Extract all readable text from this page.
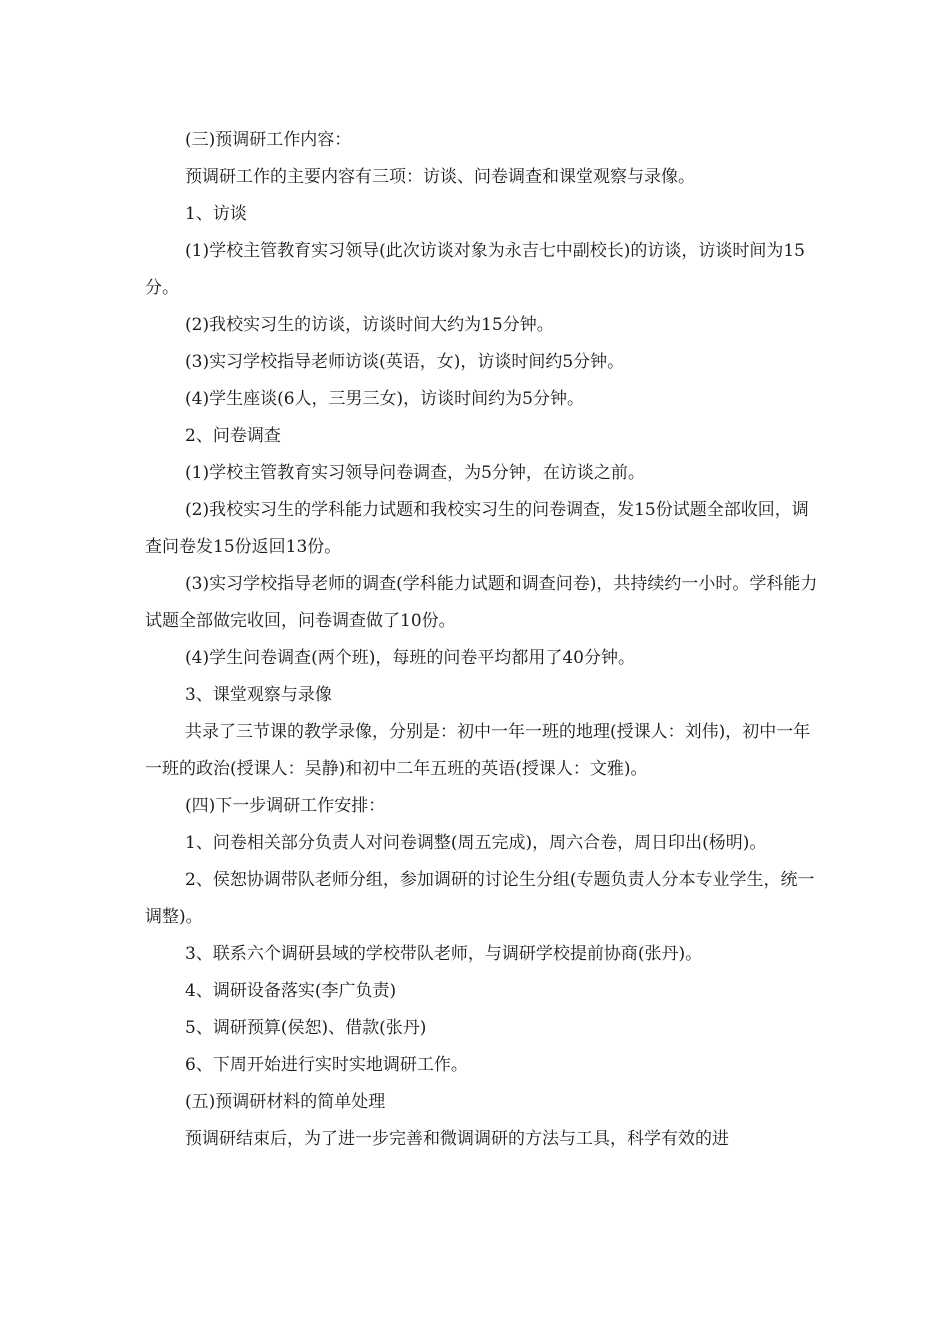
(三)预调研工作内容：

预调研工作的主要内容有三项：访谈、问卷调查和课堂观察与录像。

1、访谈

(1)学校主管教育实习领导(此次访谈对象为永吉七中副校长)的访谈，访谈时间为15分。

(2)我校实习生的访谈，访谈时间大约为15分钟。

(3)实习学校指导老师访谈(英语，女)，访谈时间约5分钟。

(4)学生座谈(6人，三男三女)，访谈时间约为5分钟。

2、问卷调查

(1)学校主管教育实习领导问卷调查，为5分钟，在访谈之前。

(2)我校实习生的学科能力试题和我校实习生的问卷调查，发15份试题全部收回，调查问卷发15份返回13份。

(3)实习学校指导老师的调查(学科能力试题和调查问卷)，共持续约一小时。学科能力试题全部做完收回，问卷调查做了10份。

(4)学生问卷调查(两个班)，每班的问卷平均都用了40分钟。

3、课堂观察与录像

共录了三节课的教学录像，分别是：初中一年一班的地理(授课人：刘伟)，初中一年一班的政治(授课人：吴静)和初中二年五班的英语(授课人：文雅)。

(四)下一步调研工作安排：

1、问卷相关部分负责人对问卷调整(周五完成)，周六合卷，周日印出(杨明)。

2、侯恕协调带队老师分组，参加调研的讨论生分组(专题负责人分本专业学生，统一调整)。

3、联系六个调研县域的学校带队老师，与调研学校提前协商(张丹)。

4、调研设备落实(李广负责)

5、调研预算(侯恕)、借款(张丹)

6、下周开始进行实时实地调研工作。

(五)预调研材料的简单处理

预调研结束后，为了进一步完善和微调调研的方法与工具，科学有效的进
